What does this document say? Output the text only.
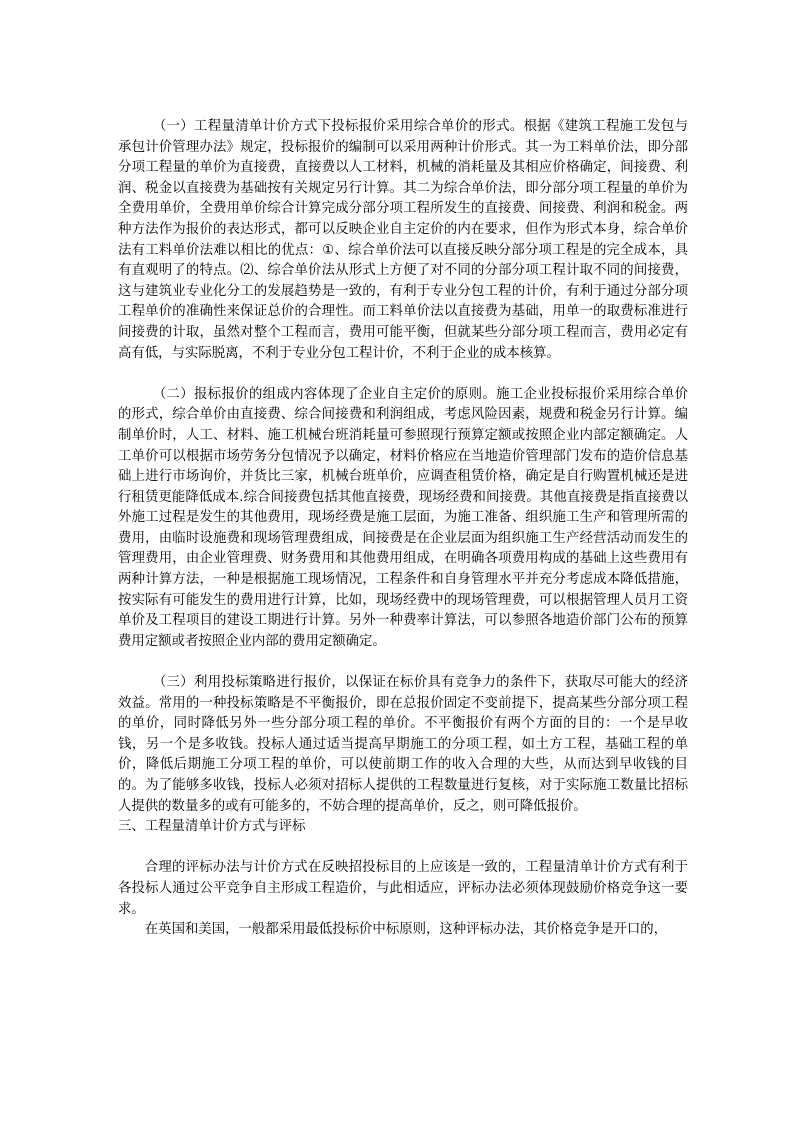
（一）工程量清单计价方式下投标报价采用综合单价的形式。根据《建筑工程施工发包与承包计价管理办法》规定，投标报价的编制可以采用两种计价形式。其一为工料单价法，即分部分项工程量的单价为直接费，直接费以人工材料，机械的消耗量及其相应价格确定，间接费、利润、税金以直接费为基础按有关规定另行计算。其二为综合单价法，即分部分项工程量的单价为全费用单价，全费用单价综合计算完成分部分项工程所发生的直接费、间接费、利润和税金。两种方法作为报价的表达形式，都可以反映企业自主定价的内在要求，但作为形式本身，综合单价法有工料单价法难以相比的优点：①、综合单价法可以直接反映分部分项工程是的完全成本，具有直观明了的特点。⑵、综合单价法从形式上方便了对不同的分部分项工程计取不同的间接费，这与建筑业专业化分工的发展趋势是一致的，有利于专业分包工程的计价，有利于通过分部分项工程单价的准确性来保证总价的合理性。而工料单价法以直接费为基础，用单一的取费标准进行间接费的计取，虽然对整个工程而言，费用可能平衡，但就某些分部分项工程而言，费用必定有高有低，与实际脱离，不利于专业分包工程计价，不利于企业的成本核算。

（二）报标报价的组成内容体现了企业自主定价的原则。施工企业投标报价采用综合单价的形式，综合单价由直接费、综合间接费和利润组成，考虑风险因素，规费和税金另行计算。编制单价时，人工、材料、施工机械台班消耗量可参照现行预算定额或按照企业内部定额确定。人工单价可以根据市场劳务分包情况予以确定，材料价格应在当地造价管理部门发布的造价信息基础上进行市场询价，并货比三家，机械台班单价，应调查租赁价格，确定是自行购置机械还是进行租赁更能降低成本.综合间接费包括其他直接费，现场经费和间接费。其他直接费是指直接费以外施工过程是发生的其他费用，现场经费是施工层面，为施工准备、组织施工生产和管理所需的费用，由临时设施费和现场管理费组成，间接费是在企业层面为组织施工生产经营活动而发生的管理费用，由企业管理费、财务费用和其他费用组成，在明确各项费用构成的基础上这些费用有两种计算方法，一种是根据施工现场情况，工程条件和自身管理水平并充分考虑成本降低措施，按实际有可能发生的费用进行计算，比如，现场经费中的现场管理费，可以根据管理人员月工资单价及工程项目的建设工期进行计算。另外一种费率计算法，可以参照各地造价部门公布的预算费用定额或者按照企业内部的费用定额确定。

（三）利用投标策略进行报价，以保证在标价具有竞争力的条件下，获取尽可能大的经济效益。常用的一种投标策略是不平衡报价，即在总报价固定不变前提下，提高某些分部分项工程的单价，同时降低另外一些分部分项工程的单价。不平衡报价有两个方面的目的：一个是早收钱，另一个是多收钱。投标人通过适当提高早期施工的分项工程，如土方工程，基础工程的单价，降低后期施工分项工程的单价，可以使前期工作的收入合理的大些，从而达到早收钱的目的。为了能够多收钱，投标人必须对招标人提供的工程数量进行复核，对于实际施工数量比招标人提供的数量多的或有可能多的，不妨合理的提高单价，反之，则可降低报价。

三、工程量清单计价方式与评标

合理的评标办法与计价方式在反映招投标目的上应该是一致的，工程量清单计价方式有利于各投标人通过公平竞争自主形成工程造价，与此相适应，评标办法必须体现鼓励价格竞争这一要求。

在英国和美国，一般都采用最低投标价中标原则，这种评标办法，其价格竞争是开口的，
